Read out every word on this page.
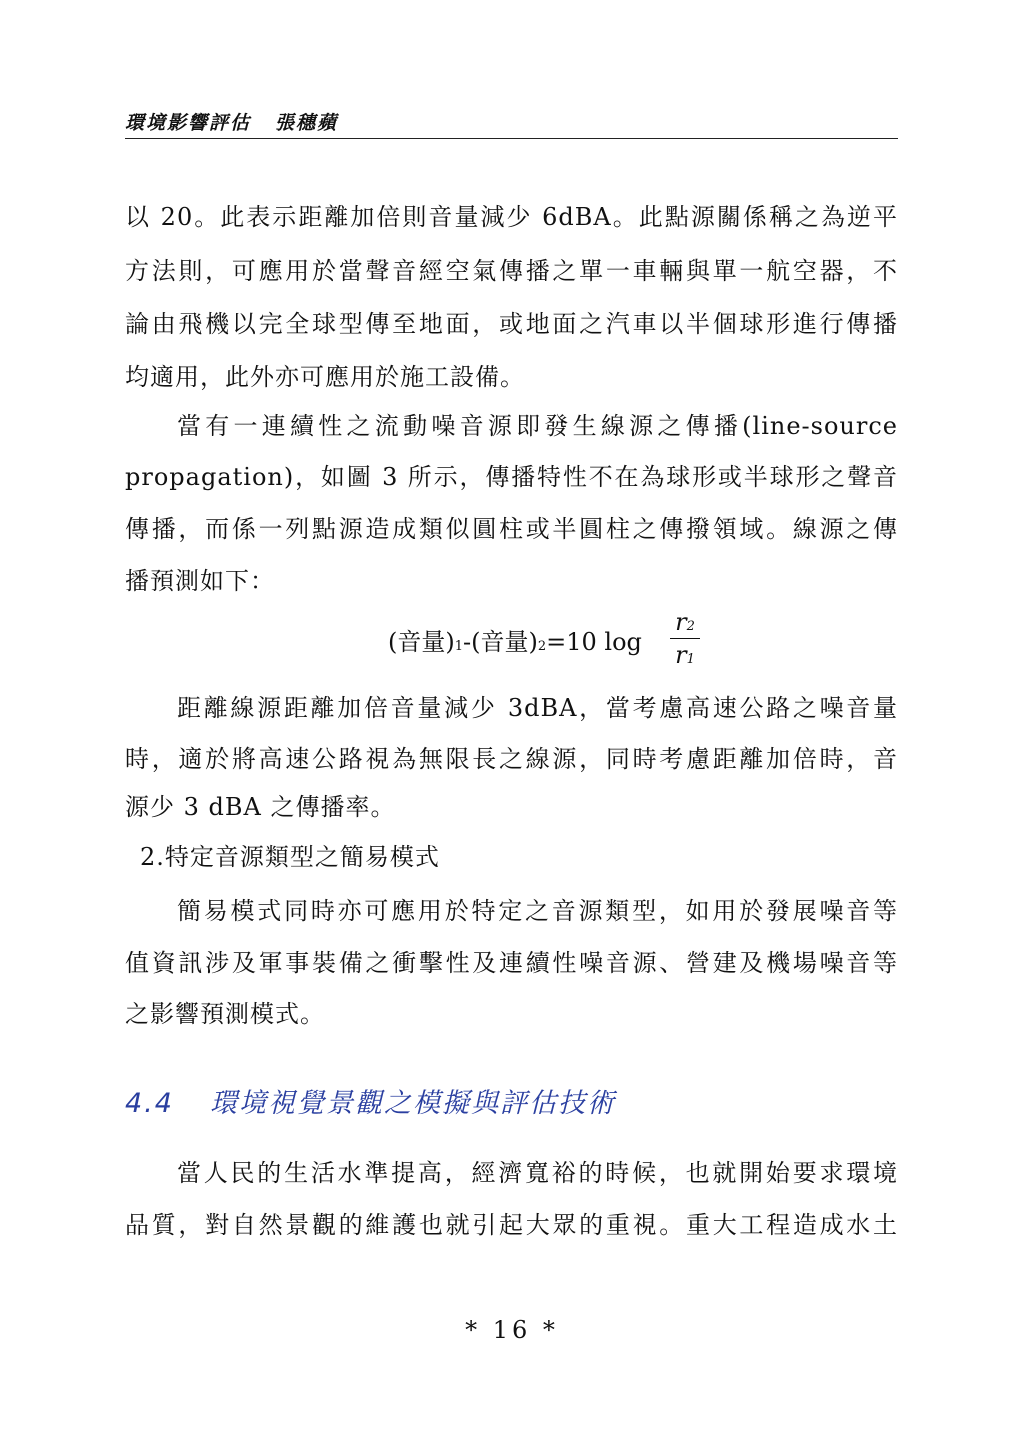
環境影響評估 張穗蘋
以 20。此表示距離加倍則音量減少 6dBA。此點源關係稱之為逆平
方法則，可應用於當聲音經空氣傳播之單一車輛與單一航空器，不
論由飛機以完全球型傳至地面，或地面之汽車以半個球形進行傳播
均適用，此外亦可應用於施工設備。
當有一連續性之流動噪音源即發生線源之傳播(line-source
propagation)，如圖 3 所示，傳播特性不在為球形或半球形之聲音
傳播，而係一列點源造成類似圓柱或半圓柱之傳撥領域。線源之傳
播預測如下：
(音量)1-(音量)2=10 log
r2
r1
距離線源距離加倍音量減少 3dBA，當考慮高速公路之噪音量
時，適於將高速公路視為無限長之線源，同時考慮距離加倍時，音
源少 3 dBA 之傳播率。
2.特定音源類型之簡易模式
簡易模式同時亦可應用於特定之音源類型，如用於發展噪音等
值資訊涉及軍事裝備之衝擊性及連續性噪音源、營建及機場噪音等
之影響預測模式。
4.4 環境視覺景觀之模擬與評估技術
當人民的生活水準提高，經濟寬裕的時候，也就開始要求環境
品質，對自然景觀的維護也就引起大眾的重視。重大工程造成水土
* 16 *
